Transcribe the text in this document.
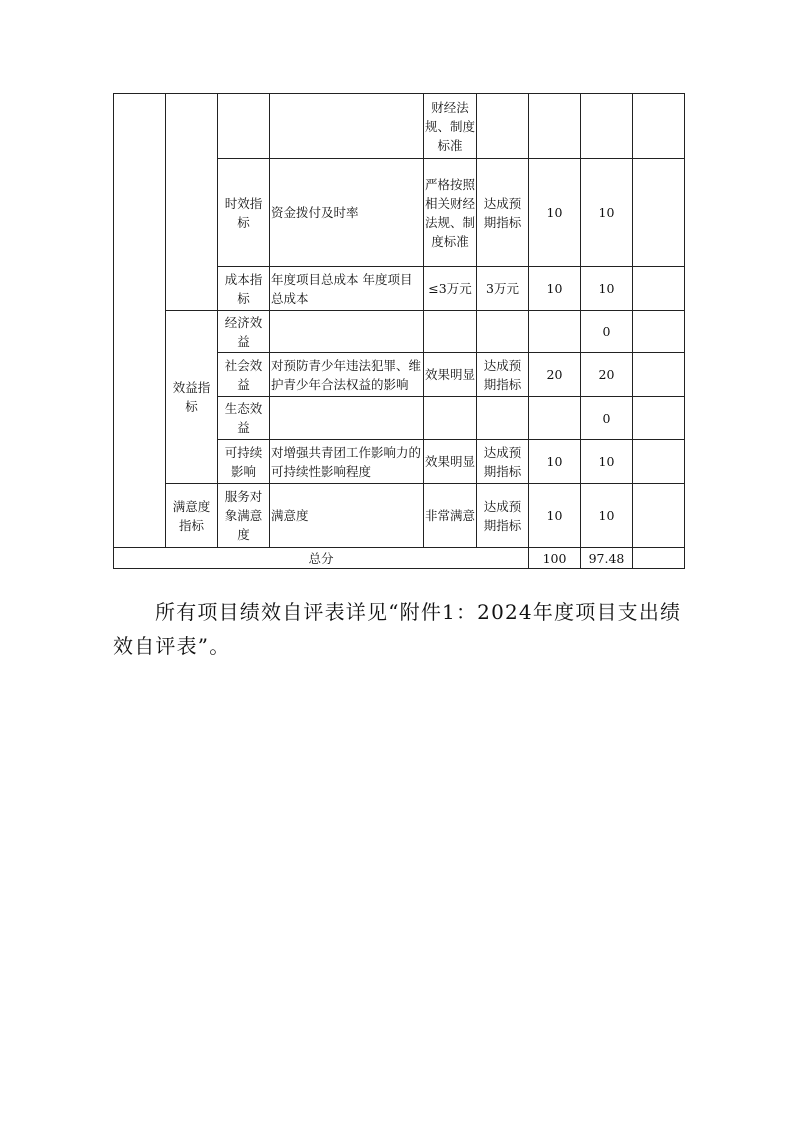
				财经法规、制度标准				
		时效指标	资金拨付及时率	严格按照相关财经法规、制度标准	达成预期指标	10	10	
		成本指标	年度项目总成本 年度项目总成本	≤3万元	3万元	10	10	
	效益指标	经济效益					0	
		社会效益	对预防青少年违法犯罪、维护青少年合法权益的影响	效果明显	达成预期指标	20	20	
		生态效益					0	
		可持续影响	对增强共青团工作影响力的可持续性影响程度	效果明显	达成预期指标	10	10	
	满意度指标	服务对象满意度	满意度	非常满意	达成预期指标	10	10	
总分						100	97.48	

所有项目绩效自评表详见“附件1：2024年度项目支出绩效自评表”。
